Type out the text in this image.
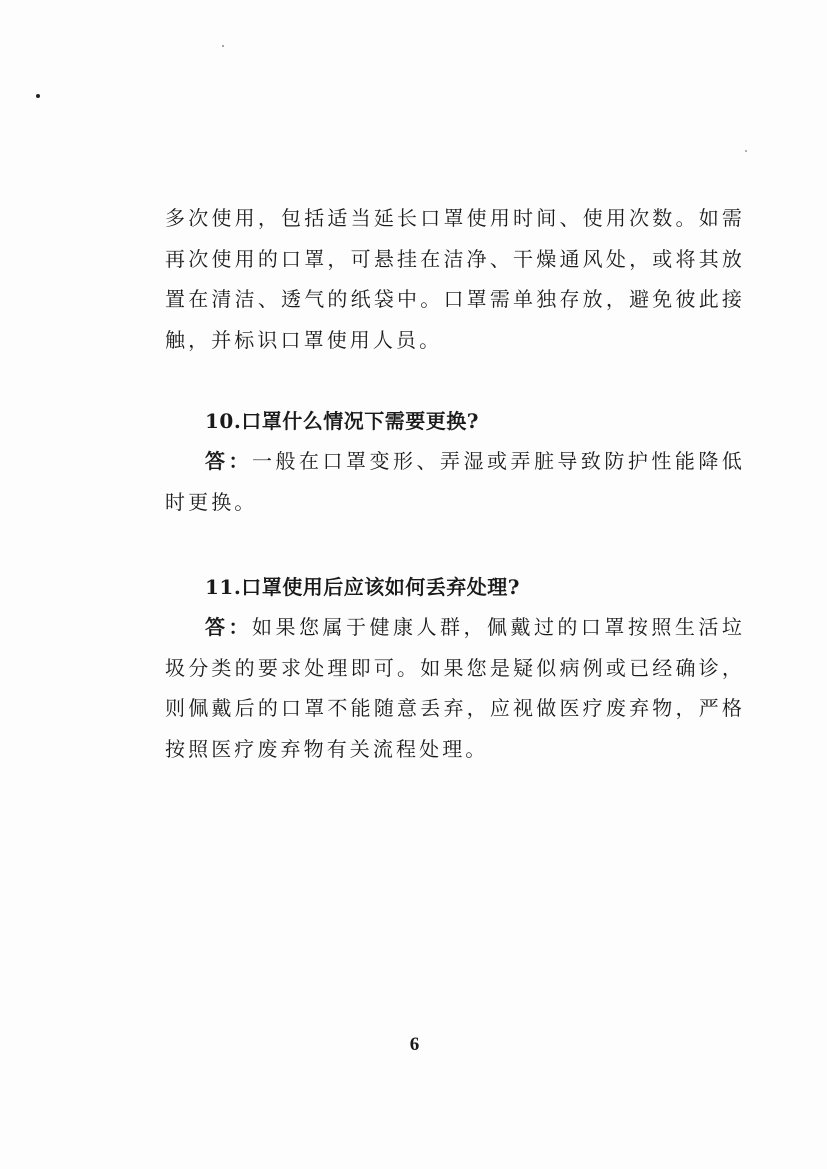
多次使用，包括适当延长口罩使用时间、使用次数。如需再次使用的口罩，可悬挂在洁净、干燥通风处，或将其放置在清洁、透气的纸袋中。口罩需单独存放，避免彼此接触，并标识口罩使用人员。

10.口罩什么情况下需要更换?

答：一般在口罩变形、弄湿或弄脏导致防护性能降低时更换。

11.口罩使用后应该如何丢弃处理?

答：如果您属于健康人群，佩戴过的口罩按照生活垃圾分类的要求处理即可。如果您是疑似病例或已经确诊，则佩戴后的口罩不能随意丢弃，应视做医疗废弃物，严格按照医疗废弃物有关流程处理。

6
